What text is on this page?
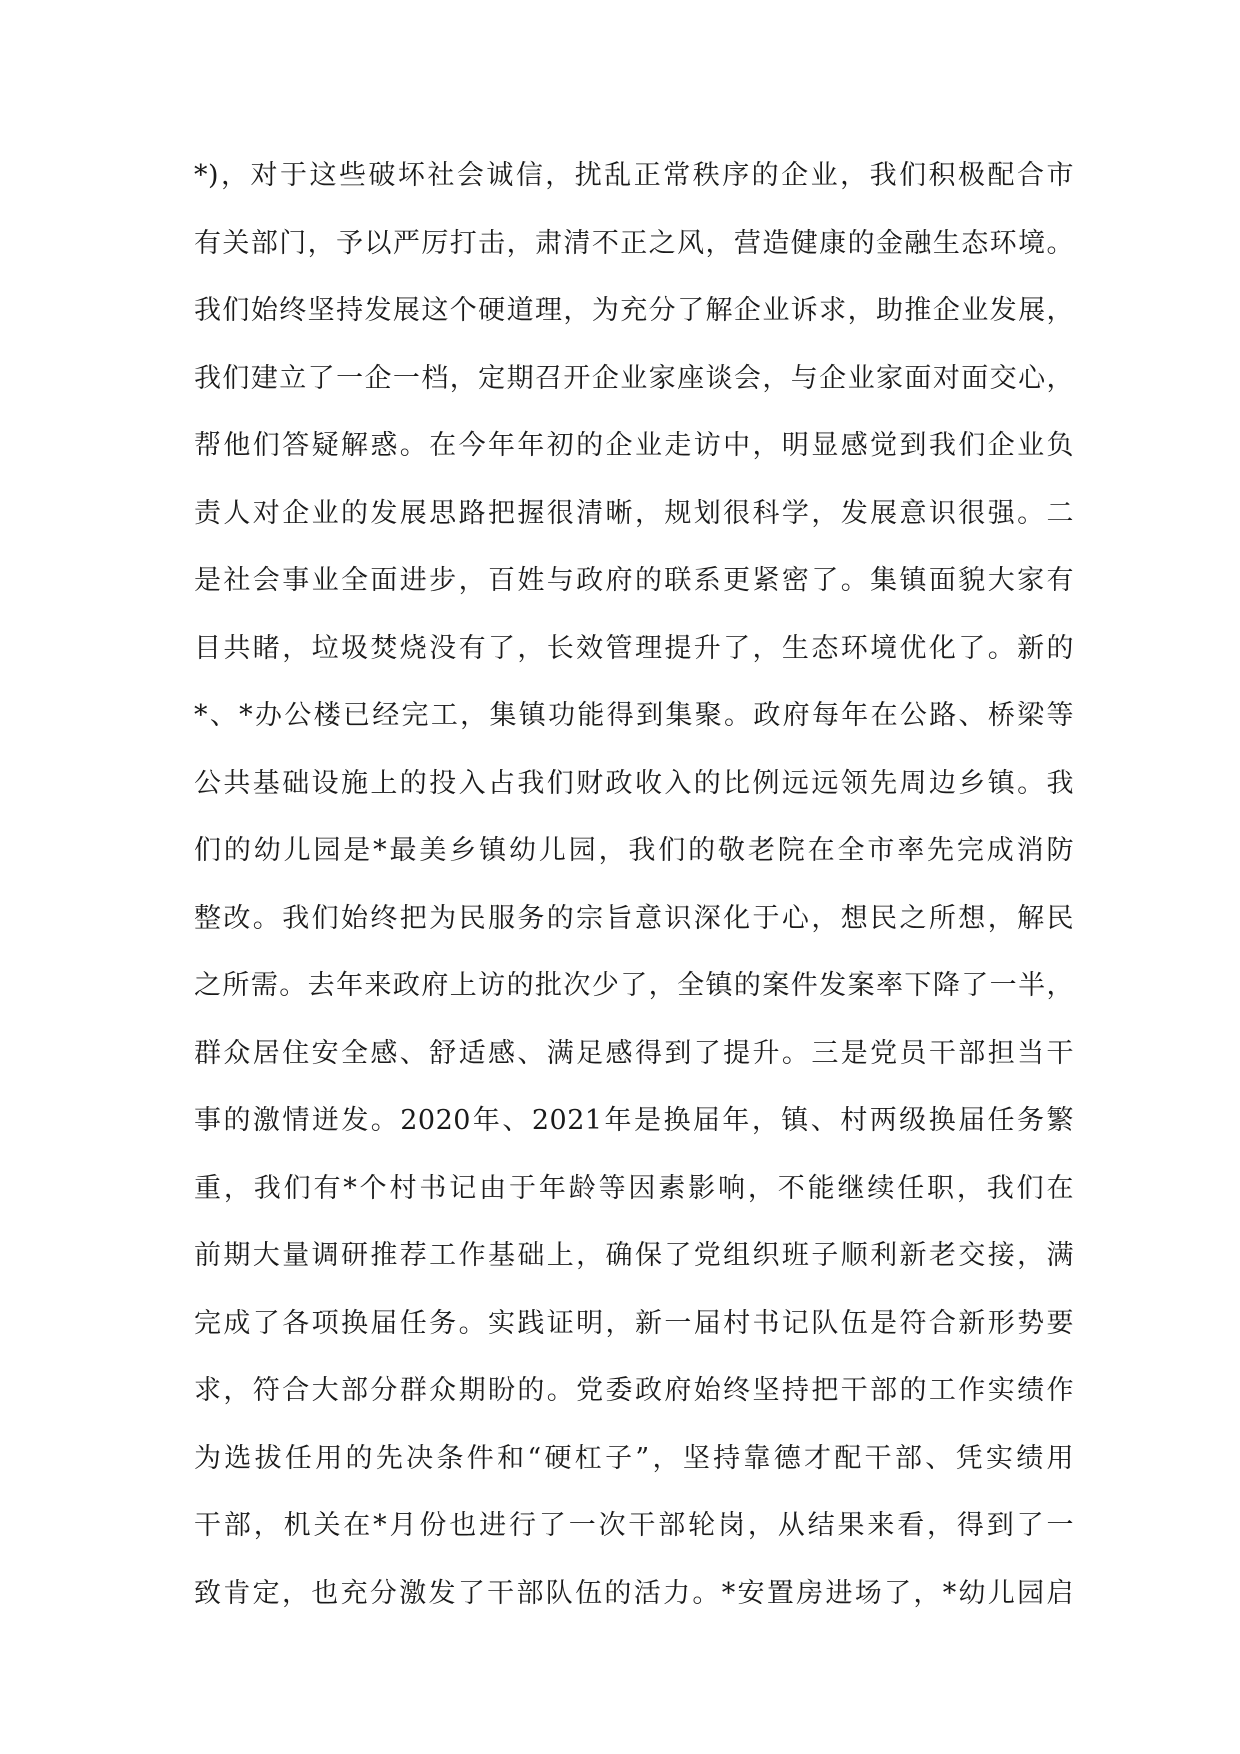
*)，对于这些破坏社会诚信，扰乱正常秩序的企业，我们积极配合市
有关部门，予以严厉打击，肃清不正之风，营造健康的金融生态环境。
我们始终坚持发展这个硬道理，为充分了解企业诉求，助推企业发展，
我们建立了一企一档，定期召开企业家座谈会，与企业家面对面交心，
帮他们答疑解惑。在今年年初的企业走访中，明显感觉到我们企业负
责人对企业的发展思路把握很清晰，规划很科学，发展意识很强。二
是社会事业全面进步，百姓与政府的联系更紧密了。集镇面貌大家有
目共睹，垃圾焚烧没有了，长效管理提升了，生态环境优化了。新的
*、*办公楼已经完工，集镇功能得到集聚。政府每年在公路、桥梁等
公共基础设施上的投入占我们财政收入的比例远远领先周边乡镇。我
们的幼儿园是*最美乡镇幼儿园，我们的敬老院在全市率先完成消防
整改。我们始终把为民服务的宗旨意识深化于心，想民之所想，解民
之所需。去年来政府上访的批次少了，全镇的案件发案率下降了一半，
群众居住安全感、舒适感、满足感得到了提升。三是党员干部担当干
事的激情迸发。2020年、2021年是换届年，镇、村两级换届任务繁
重，我们有*个村书记由于年龄等因素影响，不能继续任职，我们在
前期大量调研推荐工作基础上，确保了党组织班子顺利新老交接，满
完成了各项换届任务。实践证明，新一届村书记队伍是符合新形势要
求，符合大部分群众期盼的。党委政府始终坚持把干部的工作实绩作
为选拔任用的先决条件和“硬杠子”，坚持靠德才配干部、凭实绩用
干部，机关在*月份也进行了一次干部轮岗，从结果来看，得到了一
致肯定，也充分激发了干部队伍的活力。*安置房进场了，*幼儿园启
